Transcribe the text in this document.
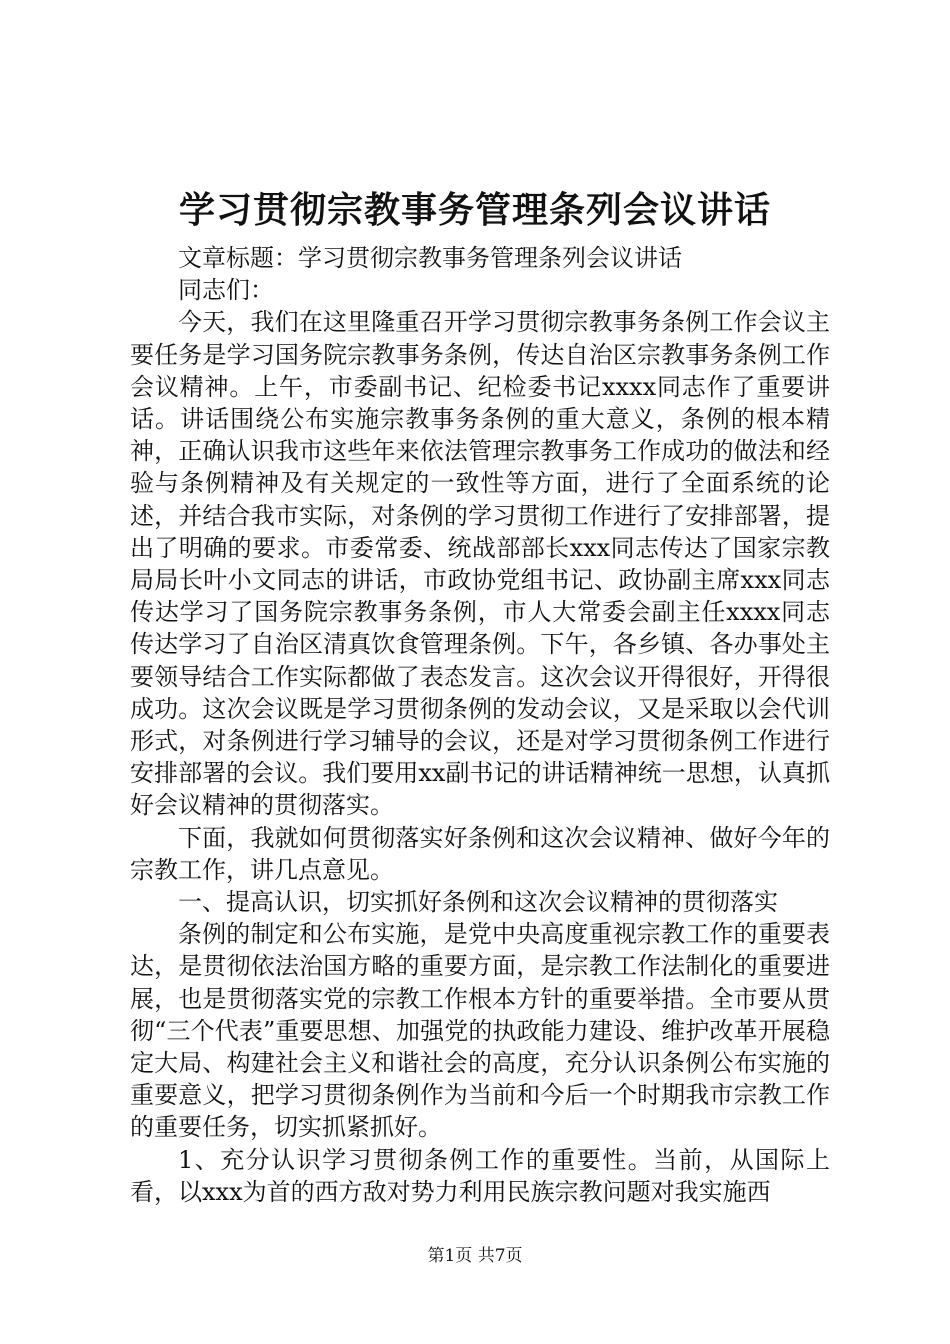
学习贯彻宗教事务管理条列会议讲话

文章标题：学习贯彻宗教事务管理条列会议讲话

同志们：

今天，我们在这里隆重召开学习贯彻宗教事务条例工作会议主要任务是学习国务院宗教事务条例，传达自治区宗教事务条例工作会议精神。上午，市委副书记、纪检委书记xxxx同志作了重要讲话。讲话围绕公布实施宗教事务条例的重大意义，条例的根本精神，正确认识我市这些年来依法管理宗教事务工作成功的做法和经验与条例精神及有关规定的一致性等方面，进行了全面系统的论述，并结合我市实际，对条例的学习贯彻工作进行了安排部署，提出了明确的要求。市委常委、统战部部长xxx同志传达了国家宗教局局长叶小文同志的讲话，市政协党组书记、政协副主席xxx同志传达学习了国务院宗教事务条例，市人大常委会副主任xxxx同志传达学习了自治区清真饮食管理条例。下午，各乡镇、各办事处主要领导结合工作实际都做了表态发言。这次会议开得很好，开得很成功。这次会议既是学习贯彻条例的发动会议，又是采取以会代训形式，对条例进行学习辅导的会议，还是对学习贯彻条例工作进行安排部署的会议。我们要用xx副书记的讲话精神统一思想，认真抓好会议精神的贯彻落实。

下面，我就如何贯彻落实好条例和这次会议精神、做好今年的宗教工作，讲几点意见。

一、提高认识，切实抓好条例和这次会议精神的贯彻落实

条例的制定和公布实施，是党中央高度重视宗教工作的重要表达，是贯彻依法治国方略的重要方面，是宗教工作法制化的重要进展，也是贯彻落实党的宗教工作根本方针的重要举措。全市要从贯彻“三个代表”重要思想、加强党的执政能力建设、维护改革开展稳定大局、构建社会主义和谐社会的高度，充分认识条例公布实施的重要意义，把学习贯彻条例作为当前和今后一个时期我市宗教工作的重要任务，切实抓紧抓好。

1、充分认识学习贯彻条例工作的重要性。当前，从国际上看，以xxx为首的西方敌对势力利用民族宗教问题对我实施西

第1页 共7页
